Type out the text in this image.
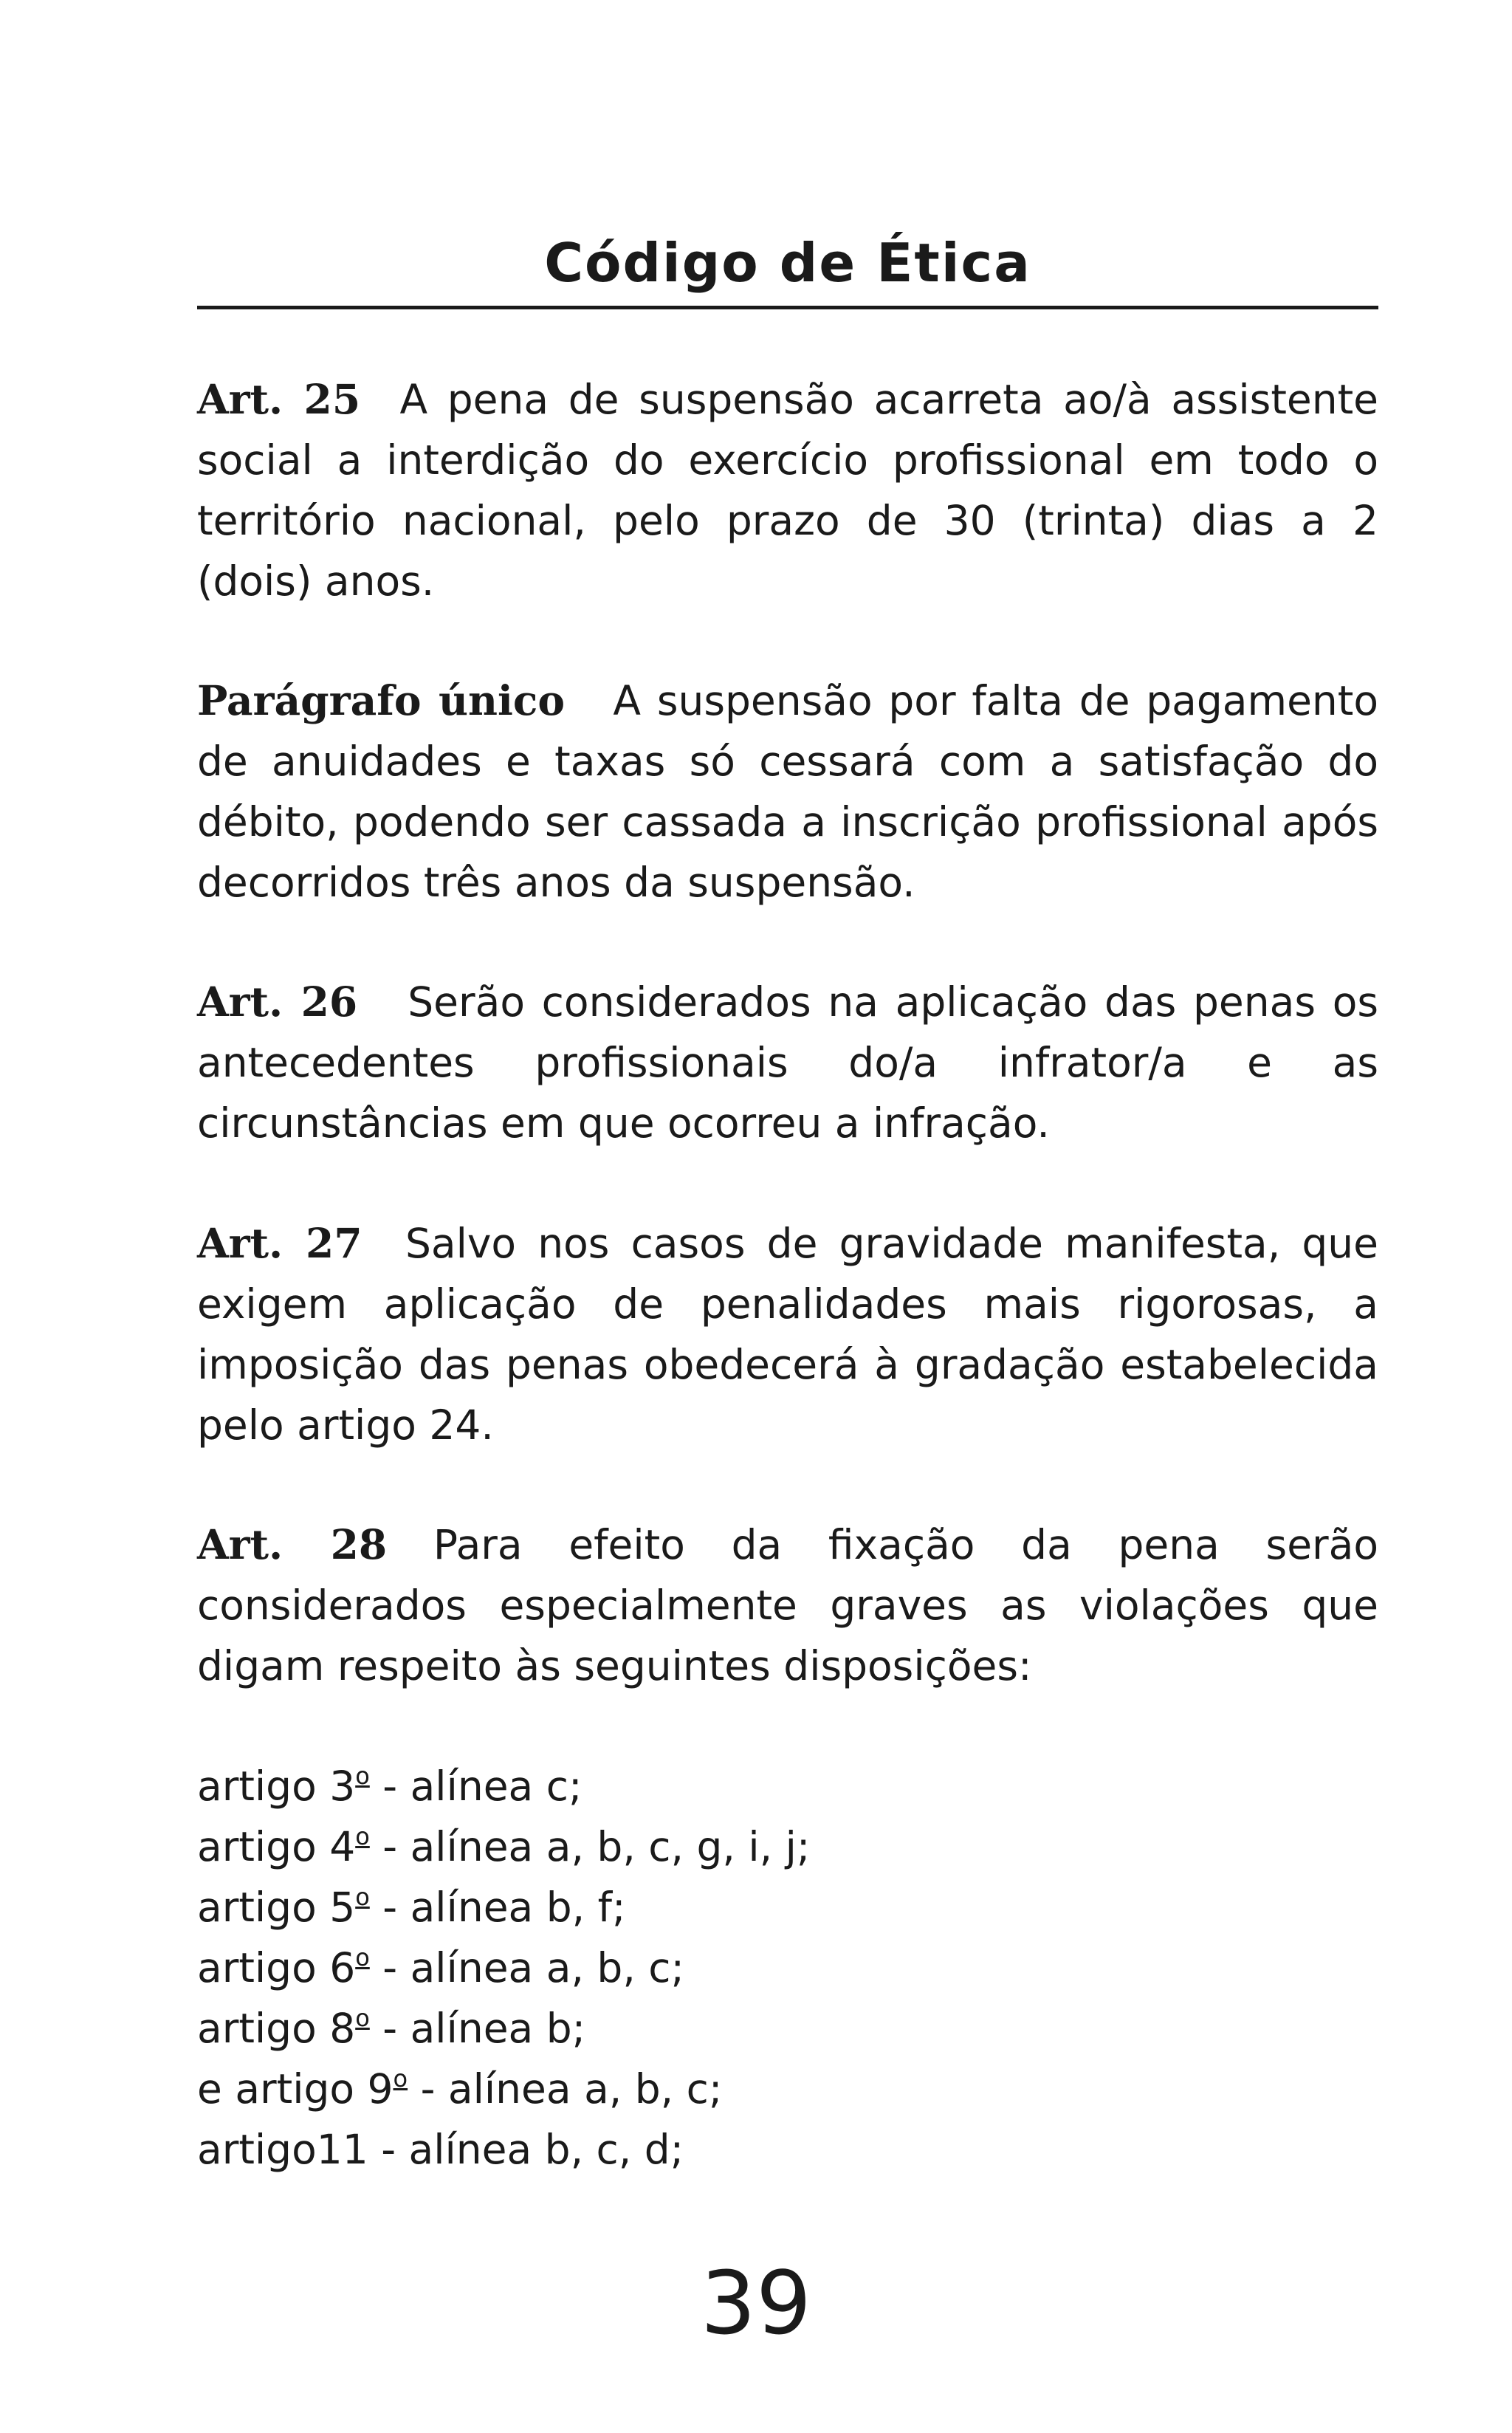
Código de Ética

Art. 25 A pena de suspensão acarreta ao/à assistente social a interdição do exercício profissional em todo o território nacional, pelo prazo de 30 (trinta) dias a 2 (dois) anos.

Parágrafo único A suspensão por falta de pagamento de anuidades e taxas só cessará com a satisfação do débito, podendo ser cassada a inscrição profissional após decorridos três anos da suspensão.

Art. 26 Serão considerados na aplicação das penas os antecedentes profissionais do/a infrator/a e as circunstâncias em que ocorreu a infração.

Art. 27 Salvo nos casos de gravidade manifesta, que exigem aplicação de penalidades mais rigorosas, a imposição das penas obedecerá à gradação estabelecida pelo artigo 24.

Art. 28 Para efeito da fixação da pena serão considerados especialmente graves as violações que digam respeito às seguintes disposições:

artigo 3$^o$ - alínea c;
artigo 4$^o$ - alínea a, b, c, g, i, j;
artigo 5$^o$ - alínea b, f;
artigo 6$^o$ - alínea a, b, c;
artigo 8$^o$ - alínea b;
e artigo 9$^o$ - alínea a, b, c;
artigo11 - alínea b, c, d;
39
